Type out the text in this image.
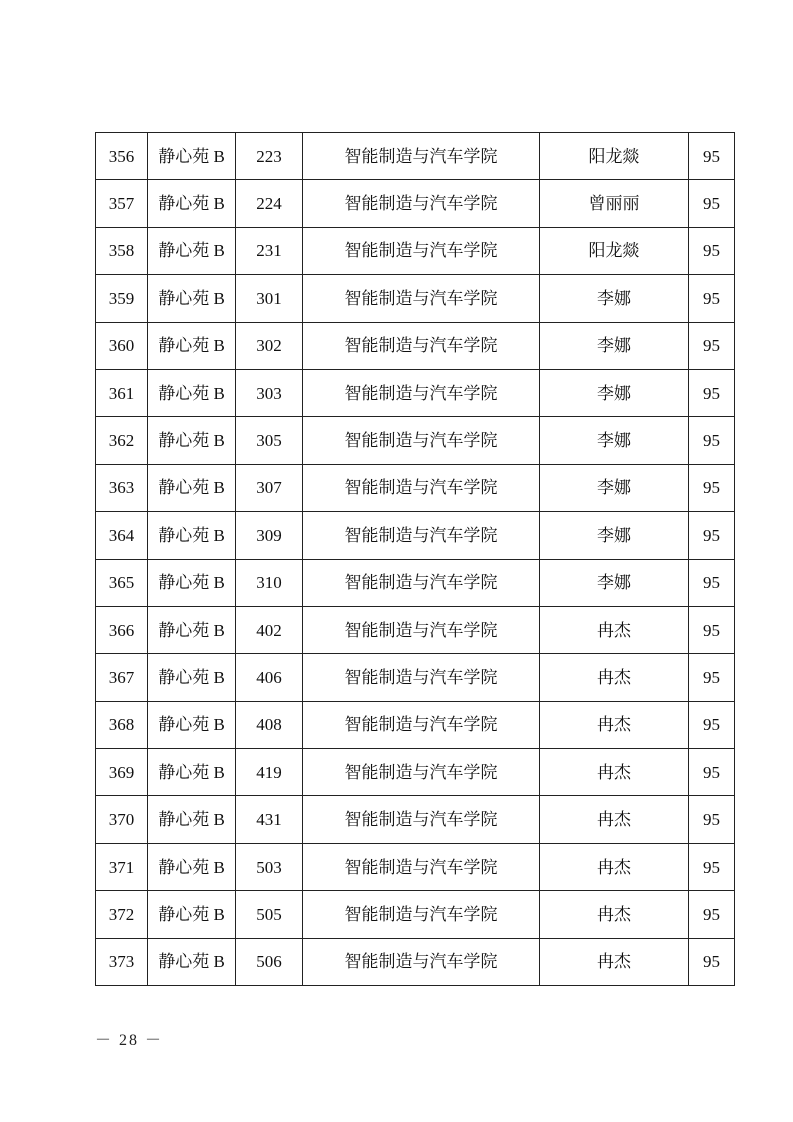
356	静心苑 B	223	智能制造与汽车学院	阳龙燚	95
357	静心苑 B	224	智能制造与汽车学院	曾丽丽	95
358	静心苑 B	231	智能制造与汽车学院	阳龙燚	95
359	静心苑 B	301	智能制造与汽车学院	李娜	95
360	静心苑 B	302	智能制造与汽车学院	李娜	95
361	静心苑 B	303	智能制造与汽车学院	李娜	95
362	静心苑 B	305	智能制造与汽车学院	李娜	95
363	静心苑 B	307	智能制造与汽车学院	李娜	95
364	静心苑 B	309	智能制造与汽车学院	李娜	95
365	静心苑 B	310	智能制造与汽车学院	李娜	95
366	静心苑 B	402	智能制造与汽车学院	冉杰	95
367	静心苑 B	406	智能制造与汽车学院	冉杰	95
368	静心苑 B	408	智能制造与汽车学院	冉杰	95
369	静心苑 B	419	智能制造与汽车学院	冉杰	95
370	静心苑 B	431	智能制造与汽车学院	冉杰	95
371	静心苑 B	503	智能制造与汽车学院	冉杰	95
372	静心苑 B	505	智能制造与汽车学院	冉杰	95
373	静心苑 B	506	智能制造与汽车学院	冉杰	95
－ 28 －
